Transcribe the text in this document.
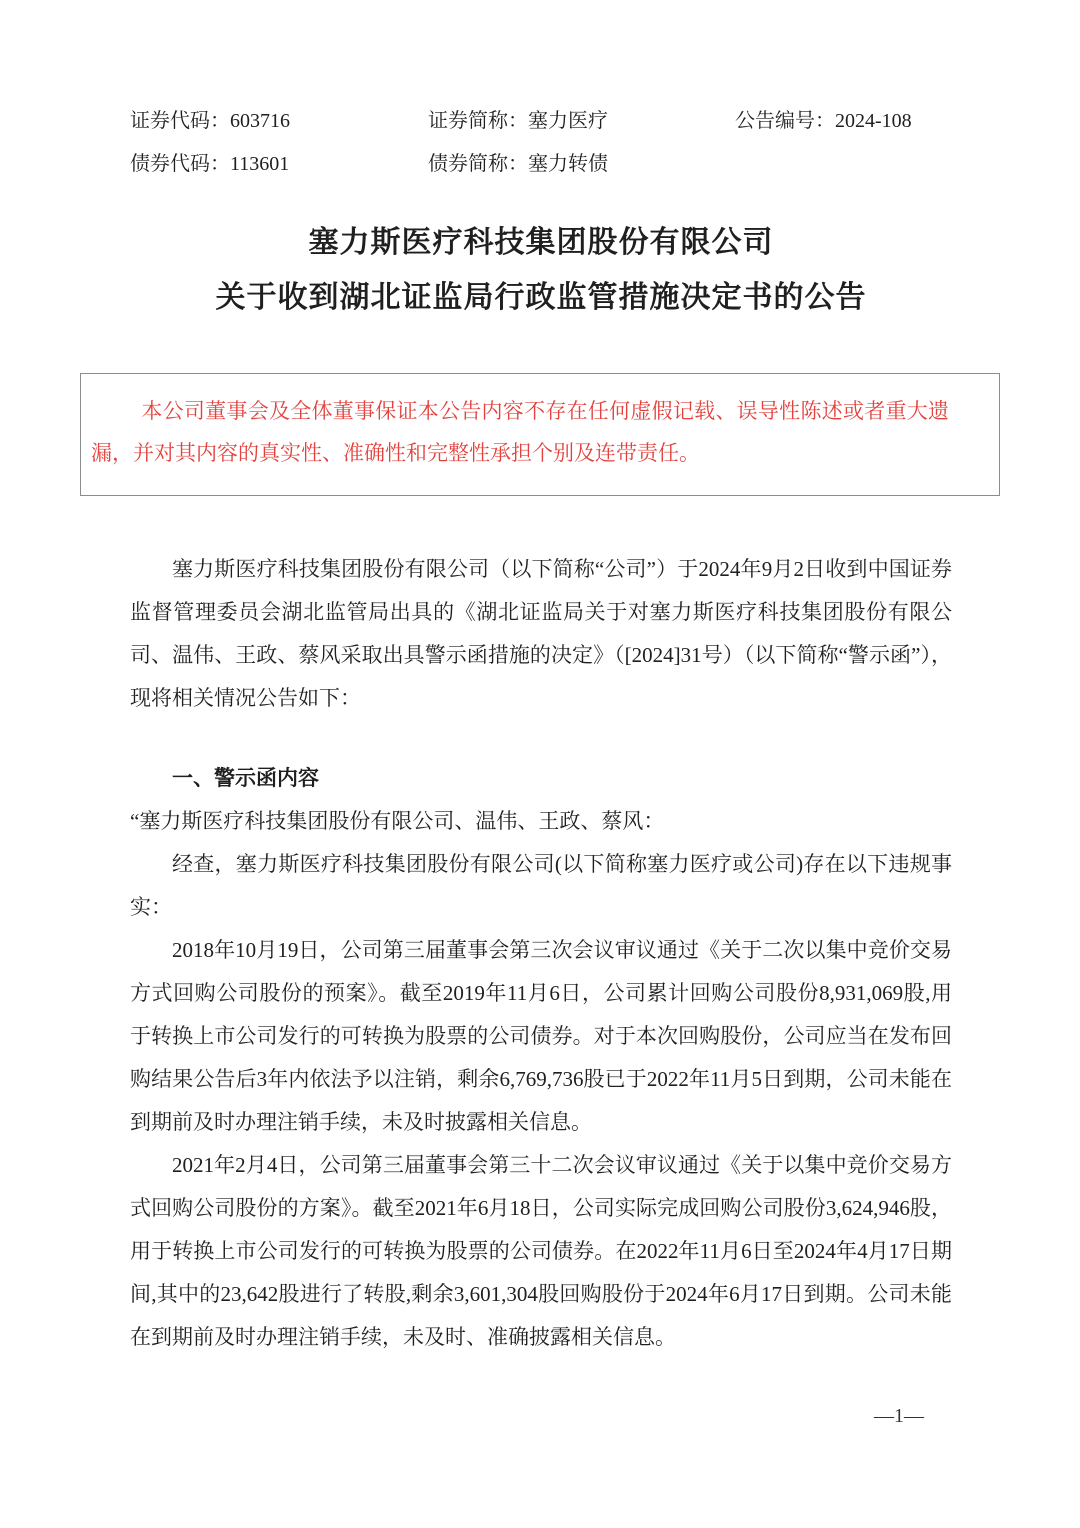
证券代码：603716	证券简称：塞力医疗	公告编号：2024-108
债券代码：113601	债券简称：塞力转债
塞力斯医疗科技集团股份有限公司
关于收到湖北证监局行政监管措施决定书的公告

本公司董事会及全体董事保证本公告内容不存在任何虚假记载、误导性陈述或者重大遗漏，并对其内容的真实性、准确性和完整性承担个别及连带责任。

塞力斯医疗科技集团股份有限公司（以下简称“公司”）于2024年9月2日收到中国证券监督管理委员会湖北监管局出具的《湖北证监局关于对塞力斯医疗科技集团股份有限公司、温伟、王政、蔡风采取出具警示函措施的决定》（[2024]31号）（以下简称“警示函”），现将相关情况公告如下：

一、警示函内容

“塞力斯医疗科技集团股份有限公司、温伟、王政、蔡风：

经查，塞力斯医疗科技集团股份有限公司(以下简称塞力医疗或公司)存在以下违规事实：

2018年10月19日，公司第三届董事会第三次会议审议通过《关于二次以集中竞价交易方式回购公司股份的预案》。截至2019年11月6日，公司累计回购公司股份8,931,069股,用于转换上市公司发行的可转换为股票的公司债券。对于本次回购股份，公司应当在发布回购结果公告后3年内依法予以注销，剩余6,769,736股已于2022年11月5日到期，公司未能在到期前及时办理注销手续，未及时披露相关信息。

2021年2月4日，公司第三届董事会第三十二次会议审议通过《关于以集中竞价交易方式回购公司股份的方案》。截至2021年6月18日，公司实际完成回购公司股份3,624,946股，用于转换上市公司发行的可转换为股票的公司债券。在2022年11月6日至2024年4月17日期间,其中的23,642股进行了转股,剩余3,601,304股回购股份于2024年6月17日到期。公司未能在到期前及时办理注销手续，未及时、准确披露相关信息。

—1—
